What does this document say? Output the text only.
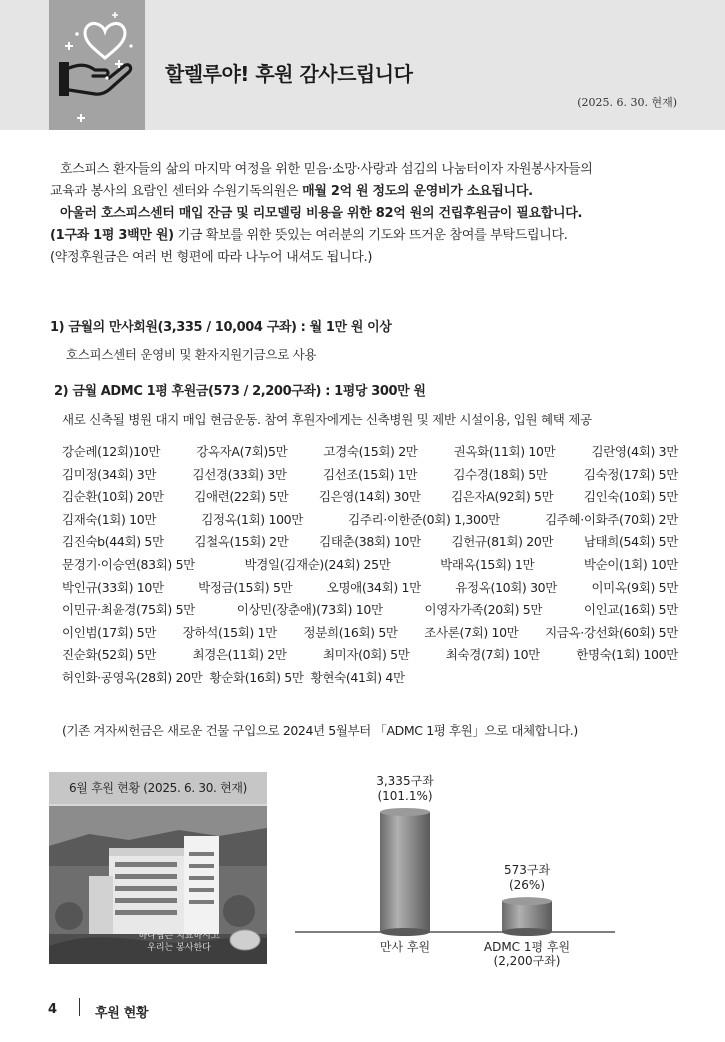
할렐루야! 후원 감사드립니다
(2025. 6. 30. 현재)
호스피스 환자들의 삶의 마지막 여정을 위한 믿음·소망·사랑과 섬김의 나눔터이자 자원봉사자들의
교육과 봉사의 요람인 센터와 수원기독의원은 매월 2억 원 정도의 운영비가 소요됩니다.
아울러 호스피스센터 매입 잔금 및 리모델링 비용을 위한 82억 원의 건립후원금이 필요합니다.
(1구좌 1평 3백만 원) 기금 확보를 위한 뜻있는 여러분의 기도와 뜨거운 참여를 부탁드립니다.
(약정후원금은 여러 번 형편에 따라 나누어 내셔도 됩니다.)
1) 금월의 만사회원(3,335 / 10,004 구좌) : 월 1만 원 이상
호스피스센터 운영비 및 환자지원기금으로 사용
2) 금월 ADMC 1평 후원금(573 / 2,200구좌) : 1평당 300만 원
새로 신축될 병원 대지 매입 현금운동. 참여 후원자에게는 신축병원 및 제반 시설이용, 입원 혜택 제공
강순례(12회)10만	강옥자A(7회)5만	고경숙(15회) 2만	권옥화(11회) 10만	김란영(4회) 3만
김미정(34회) 3만	김선경(33회) 3만	김선조(15회) 1만	김수경(18회) 5만	김숙정(17회) 5만
김순환(10회) 20만 김애련(22회) 5만 김은영(14회) 30만 김은자A(92회) 5만 김인숙(10회) 5만
김재숙(1회) 10만	김정옥(1회) 100만	김주리·이한준(0회) 1,300만	김주혜·이화주(70회) 2만
김진숙b(44회) 5만 김철옥(15회) 2만 김태춘(38회) 10만 김헌규(81회) 20만 남태희(54회) 5만
문경기·이승연(83회) 5만	박경일(김재순)(24회) 25만	박래옥(15회) 1만	박순이(1회) 10만
박인규(33회) 10만	박정금(15회) 5만	오명애(34회) 1만	유정옥(10회) 30만	이미옥(9회) 5만
이민규·최윤경(75회) 5만	이상민(장춘애)(73회) 10만	이영자가족(20회) 5만	이인교(16회) 5만
이인범(17회) 5만 장하석(15회) 1만 정분희(16회) 5만 조사론(7회) 10만 지금옥·강선화(60회) 5만
진순화(52회) 5만	최경은(11회) 2만	최미자(0회) 5만	최숙경(7회) 10만	한명숙(1회) 100만
허인화·공영옥(28회) 20만 황순화(16회) 5만 황현숙(41회) 4만
(기존 겨자씨헌금은 새로운 건물 구입으로 2024년 5월부터 「ADMC 1평 후원」으로 대체합니다.)
6월 후원 현황 (2025. 6. 30. 현재)
하나님은 치료하시고
우리는 봉사한다
3,335구좌
(101.1%)
만사 후원
573구좌
(26%)
ADMC 1평 후원
(2,200구좌)
4	후원 현황
